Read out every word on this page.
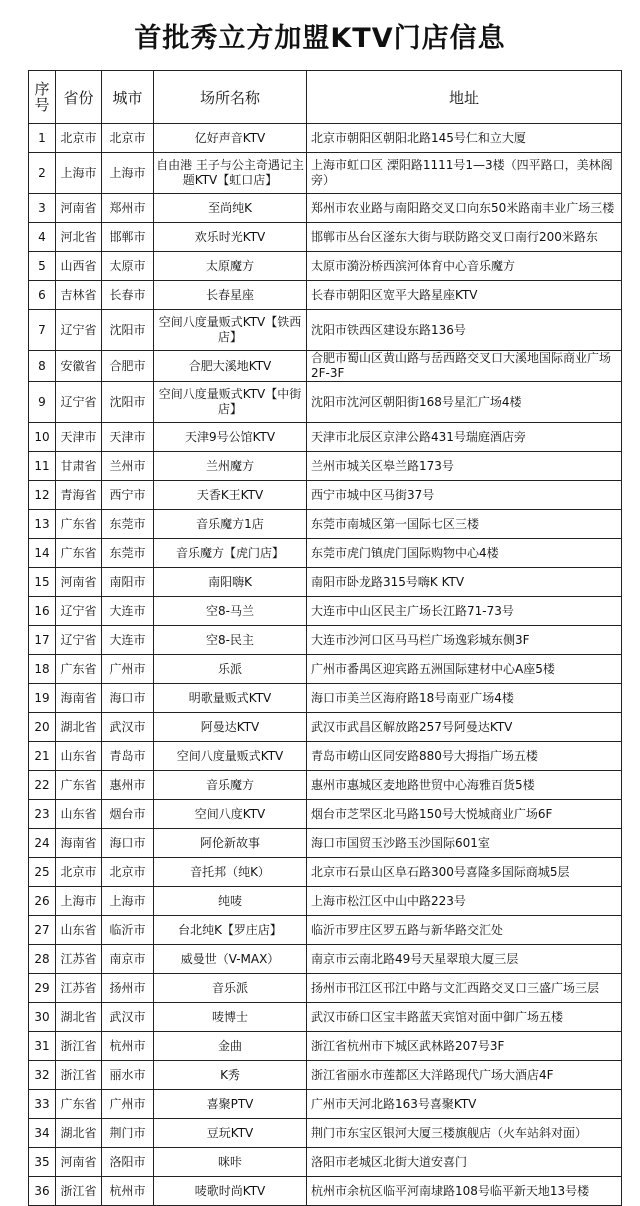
首批秀立方加盟KTV门店信息
序号	省份	城市	场所名称	地址
1	北京市	北京市	亿好声音KTV	北京市朝阳区朝阳北路145号仁和立大厦
2	上海市	上海市	自由港 王子与公主奇遇记主题KTV【虹口店】	上海市虹口区 溧阳路1111号1—3楼（四平路口，美林阁旁）
3	河南省	郑州市	至尚纯K	郑州市农业路与南阳路交叉口向东50米路南丰业广场三楼
4	河北省	邯郸市	欢乐时光KTV	邯郸市丛台区滏东大街与联防路交叉口南行200米路东
5	山西省	太原市	太原魔方	太原市漪汾桥西滨河体育中心音乐魔方
6	吉林省	长春市	长春星座	长春市朝阳区宽平大路星座KTV
7	辽宁省	沈阳市	空间八度量贩式KTV【铁西店】	沈阳市铁西区建设东路136号
8	安徽省	合肥市	合肥大溪地KTV	合肥市蜀山区黄山路与岳西路交叉口大溪地国际商业广场2F-3F
9	辽宁省	沈阳市	空间八度量贩式KTV【中街店】	沈阳市沈河区朝阳街168号星汇广场4楼
10	天津市	天津市	天津9号公馆KTV	天津市北辰区京津公路431号瑞庭酒店旁
11	甘肃省	兰州市	兰州魔方	兰州市城关区皋兰路173号
12	青海省	西宁市	天香K王KTV	西宁市城中区马街37号
13	广东省	东莞市	音乐魔方1店	东莞市南城区第一国际七区三楼
14	广东省	东莞市	音乐魔方【虎门店】	东莞市虎门镇虎门国际购物中心4楼
15	河南省	南阳市	南阳嗨K	南阳市卧龙路315号嗨K KTV
16	辽宁省	大连市	空8-马兰	大连市中山区民主广场长江路71-73号
17	辽宁省	大连市	空8-民主	大连市沙河口区马马栏广场逸彩城东侧3F
18	广东省	广州市	乐派	广州市番禺区迎宾路五洲国际建材中心A座5楼
19	海南省	海口市	明歌量贩式KTV	海口市美兰区海府路18号南亚广场4楼
20	湖北省	武汉市	阿曼达KTV	武汉市武昌区解放路257号阿曼达KTV
21	山东省	青岛市	空间八度量贩式KTV	青岛市崂山区同安路880号大拇指广场五楼
22	广东省	惠州市	音乐魔方	惠州市惠城区麦地路世贸中心海雅百货5楼
23	山东省	烟台市	空间八度KTV	烟台市芝罘区北马路150号大悦城商业广场6F
24	海南省	海口市	阿伦新故事	海口市国贸玉沙路玉沙国际601室
25	北京市	北京市	音托邦（纯K）	北京市石景山区阜石路300号喜隆多国际商城5层
26	上海市	上海市	纯唛	上海市松江区中山中路223号
27	山东省	临沂市	台北纯K【罗庄店】	临沂市罗庄区罗五路与新华路交汇处
28	江苏省	南京市	威曼世（V-MAX）	南京市云南北路49号天星翠琅大厦三层
29	江苏省	扬州市	音乐派	扬州市邗江区邗江中路与文汇西路交叉口三盛广场三层
30	湖北省	武汉市	唛博士	武汉市硚口区宝丰路蓝天宾馆对面中御广场五楼
31	浙江省	杭州市	金曲	浙江省杭州市下城区武林路207号3F
32	浙江省	丽水市	K秀	浙江省丽水市莲都区大洋路现代广场大酒店4F
33	广东省	广州市	喜聚PTV	广州市天河北路163号喜聚KTV
34	湖北省	荆门市	豆玩KTV	荆门市东宝区银河大厦三楼旗舰店（火车站斜对面）
35	河南省	洛阳市	咪咔	洛阳市老城区北街大道安喜门
36	浙江省	杭州市	唛歌时尚KTV	杭州市余杭区临平河南埭路108号临平新天地13号楼
